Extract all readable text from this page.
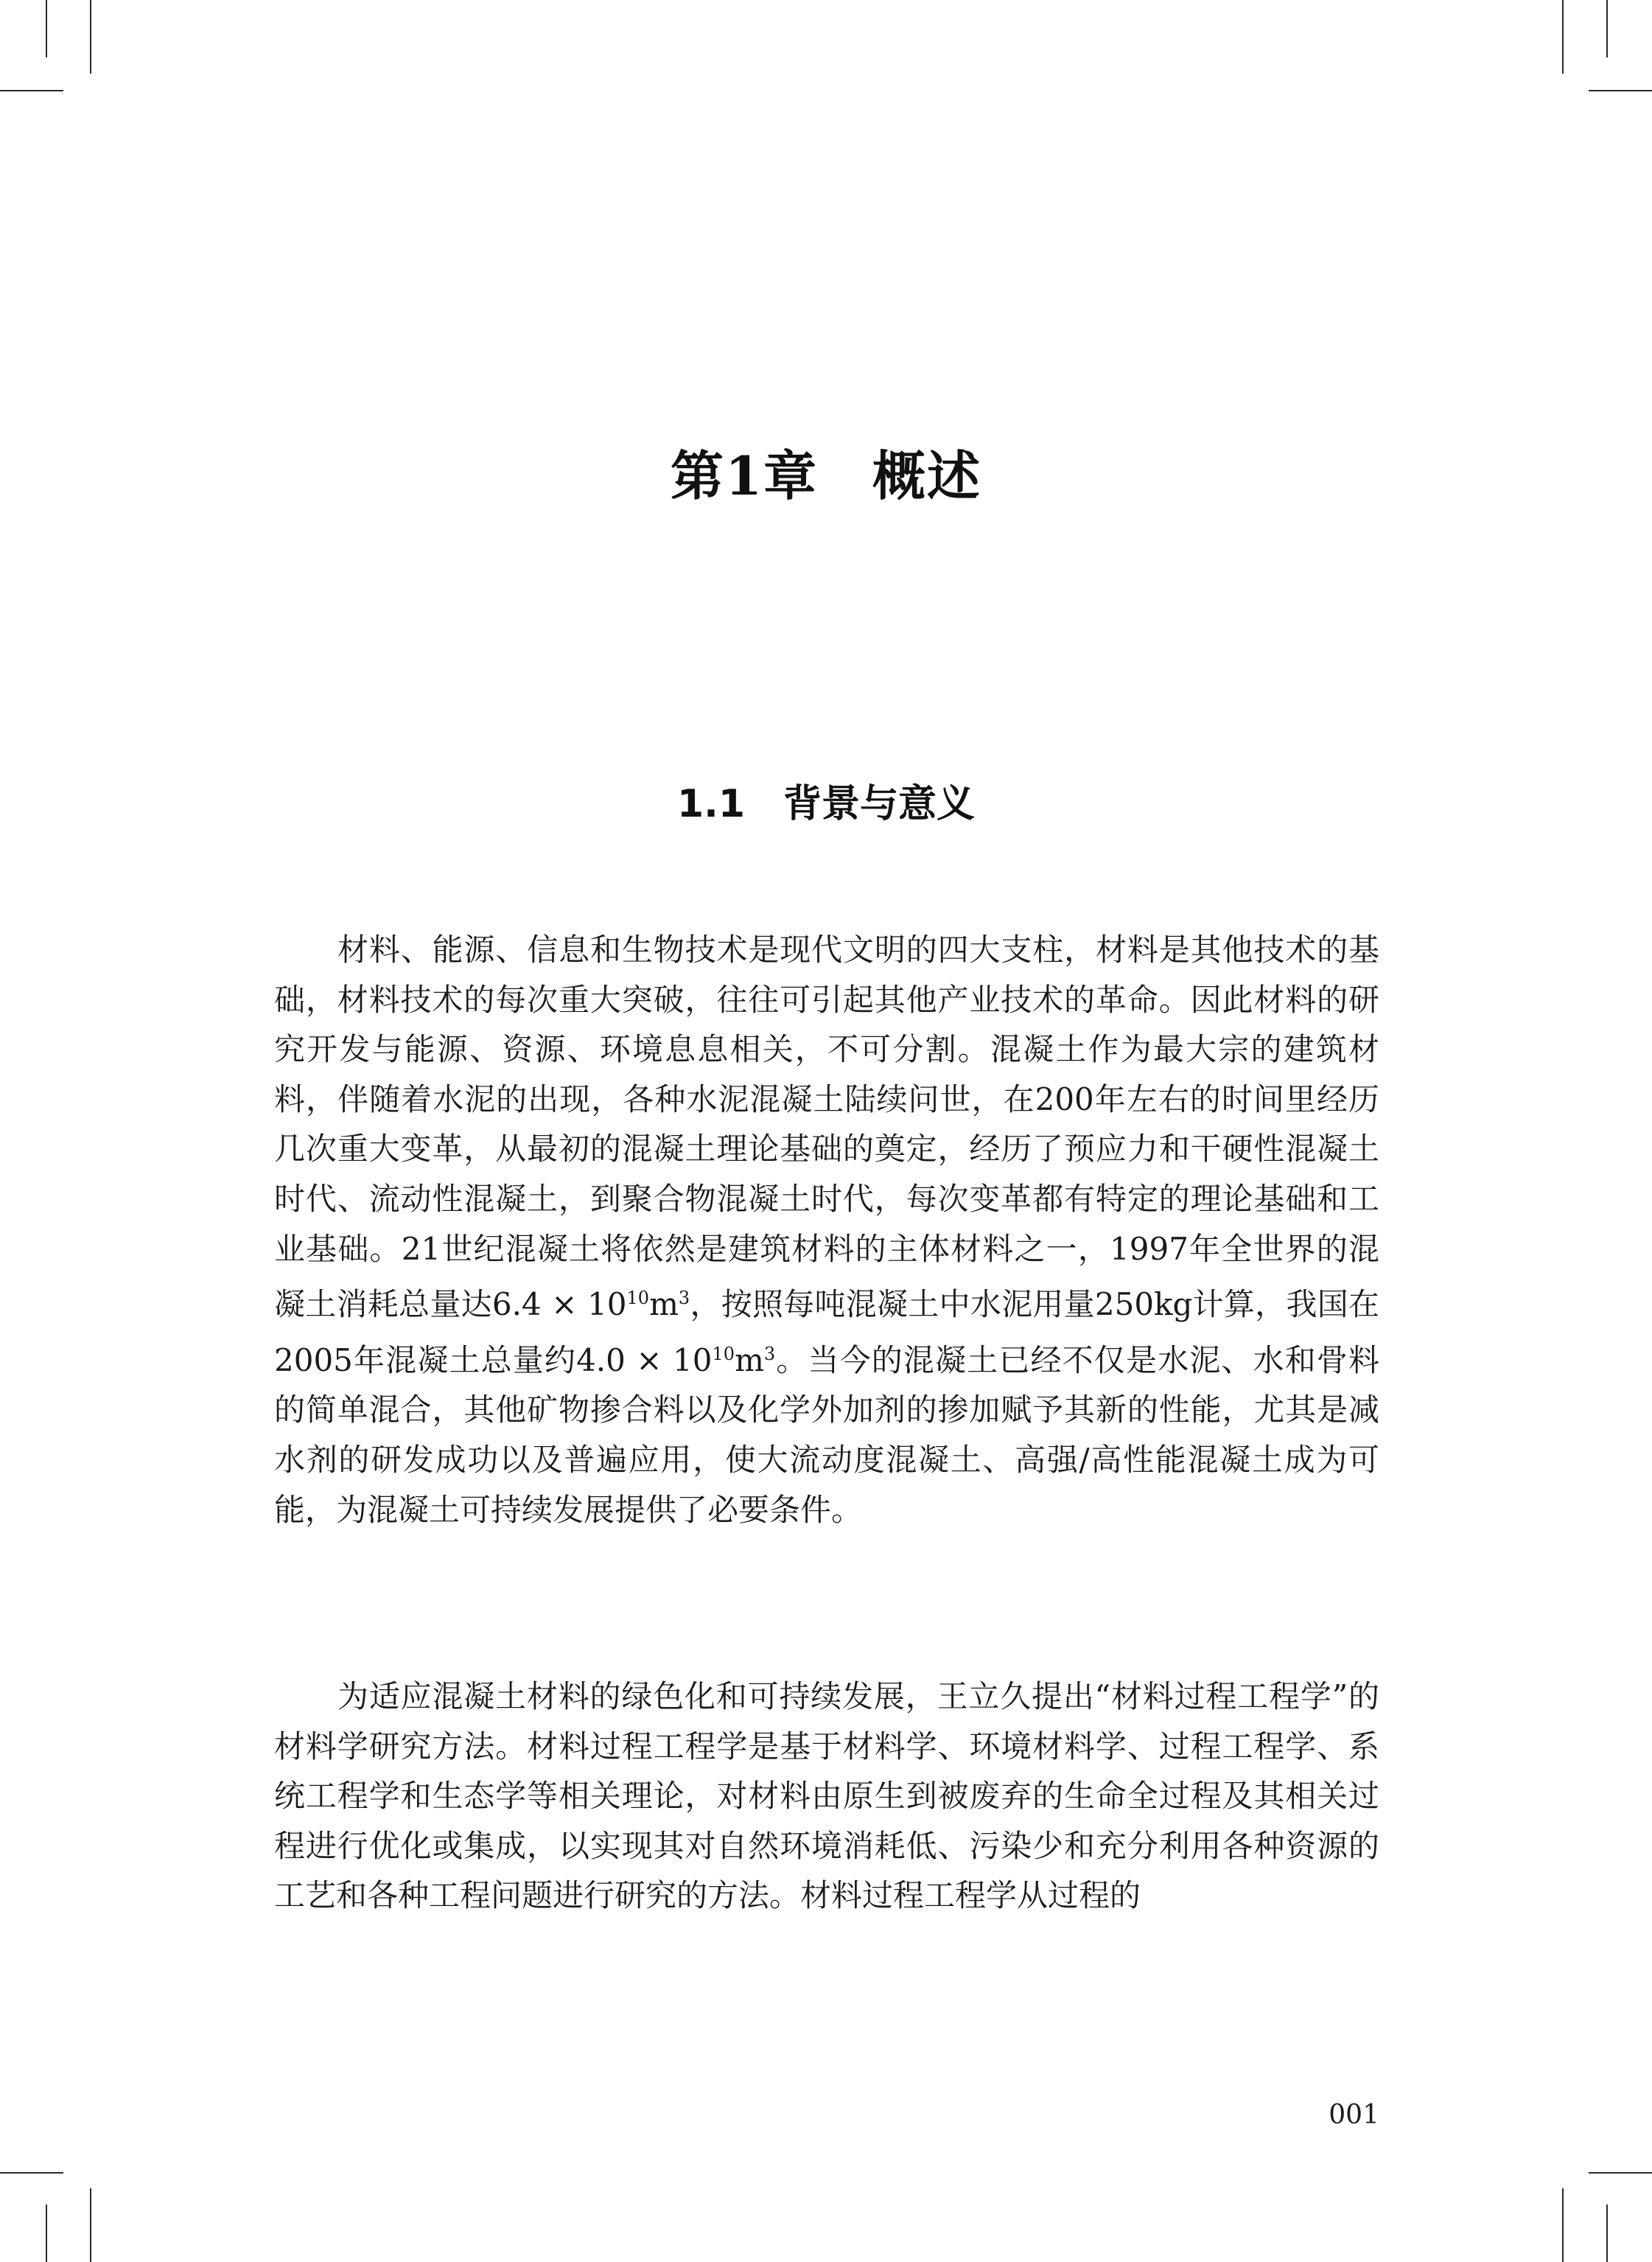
第1章　概述
1.1　背景与意义

材料、能源、信息和生物技术是现代文明的四大支柱，材料是其他技术的基础，材料技术的每次重大突破，往往可引起其他产业技术的革命。因此材料的研究开发与能源、资源、环境息息相关，不可分割。混凝土作为最大宗的建筑材料，伴随着水泥的出现，各种水泥混凝土陆续问世，在200年左右的时间里经历几次重大变革，从最初的混凝土理论基础的奠定，经历了预应力和干硬性混凝土时代、流动性混凝土，到聚合物混凝土时代，每次变革都有特定的理论基础和工业基础。21世纪混凝土将依然是建筑材料的主体材料之一，1997年全世界的混凝土消耗总量达$6.4 \times 10^{10}m^3$，按照每吨混凝土中水泥用量250kg计算，我国在2005年混凝土总量约$4.0 \times 10^{10}m^3$。当今的混凝土已经不仅是水泥、水和骨料的简单混合，其他矿物掺合料以及化学外加剂的掺加赋予其新的性能，尤其是减水剂的研发成功以及普遍应用，使大流动度混凝土、高强/高性能混凝土成为可能，为混凝土可持续发展提供了必要条件。

为适应混凝土材料的绿色化和可持续发展，王立久提出“材料过程工程学”的材料学研究方法。材料过程工程学是基于材料学、环境材料学、过程工程学、系统工程学和生态学等相关理论，对材料由原生到被废弃的生命全过程及其相关过程进行优化或集成，以实现其对自然环境消耗低、污染少和充分利用各种资源的工艺和各种工程问题进行研究的方法。材料过程工程学从过程的

001
